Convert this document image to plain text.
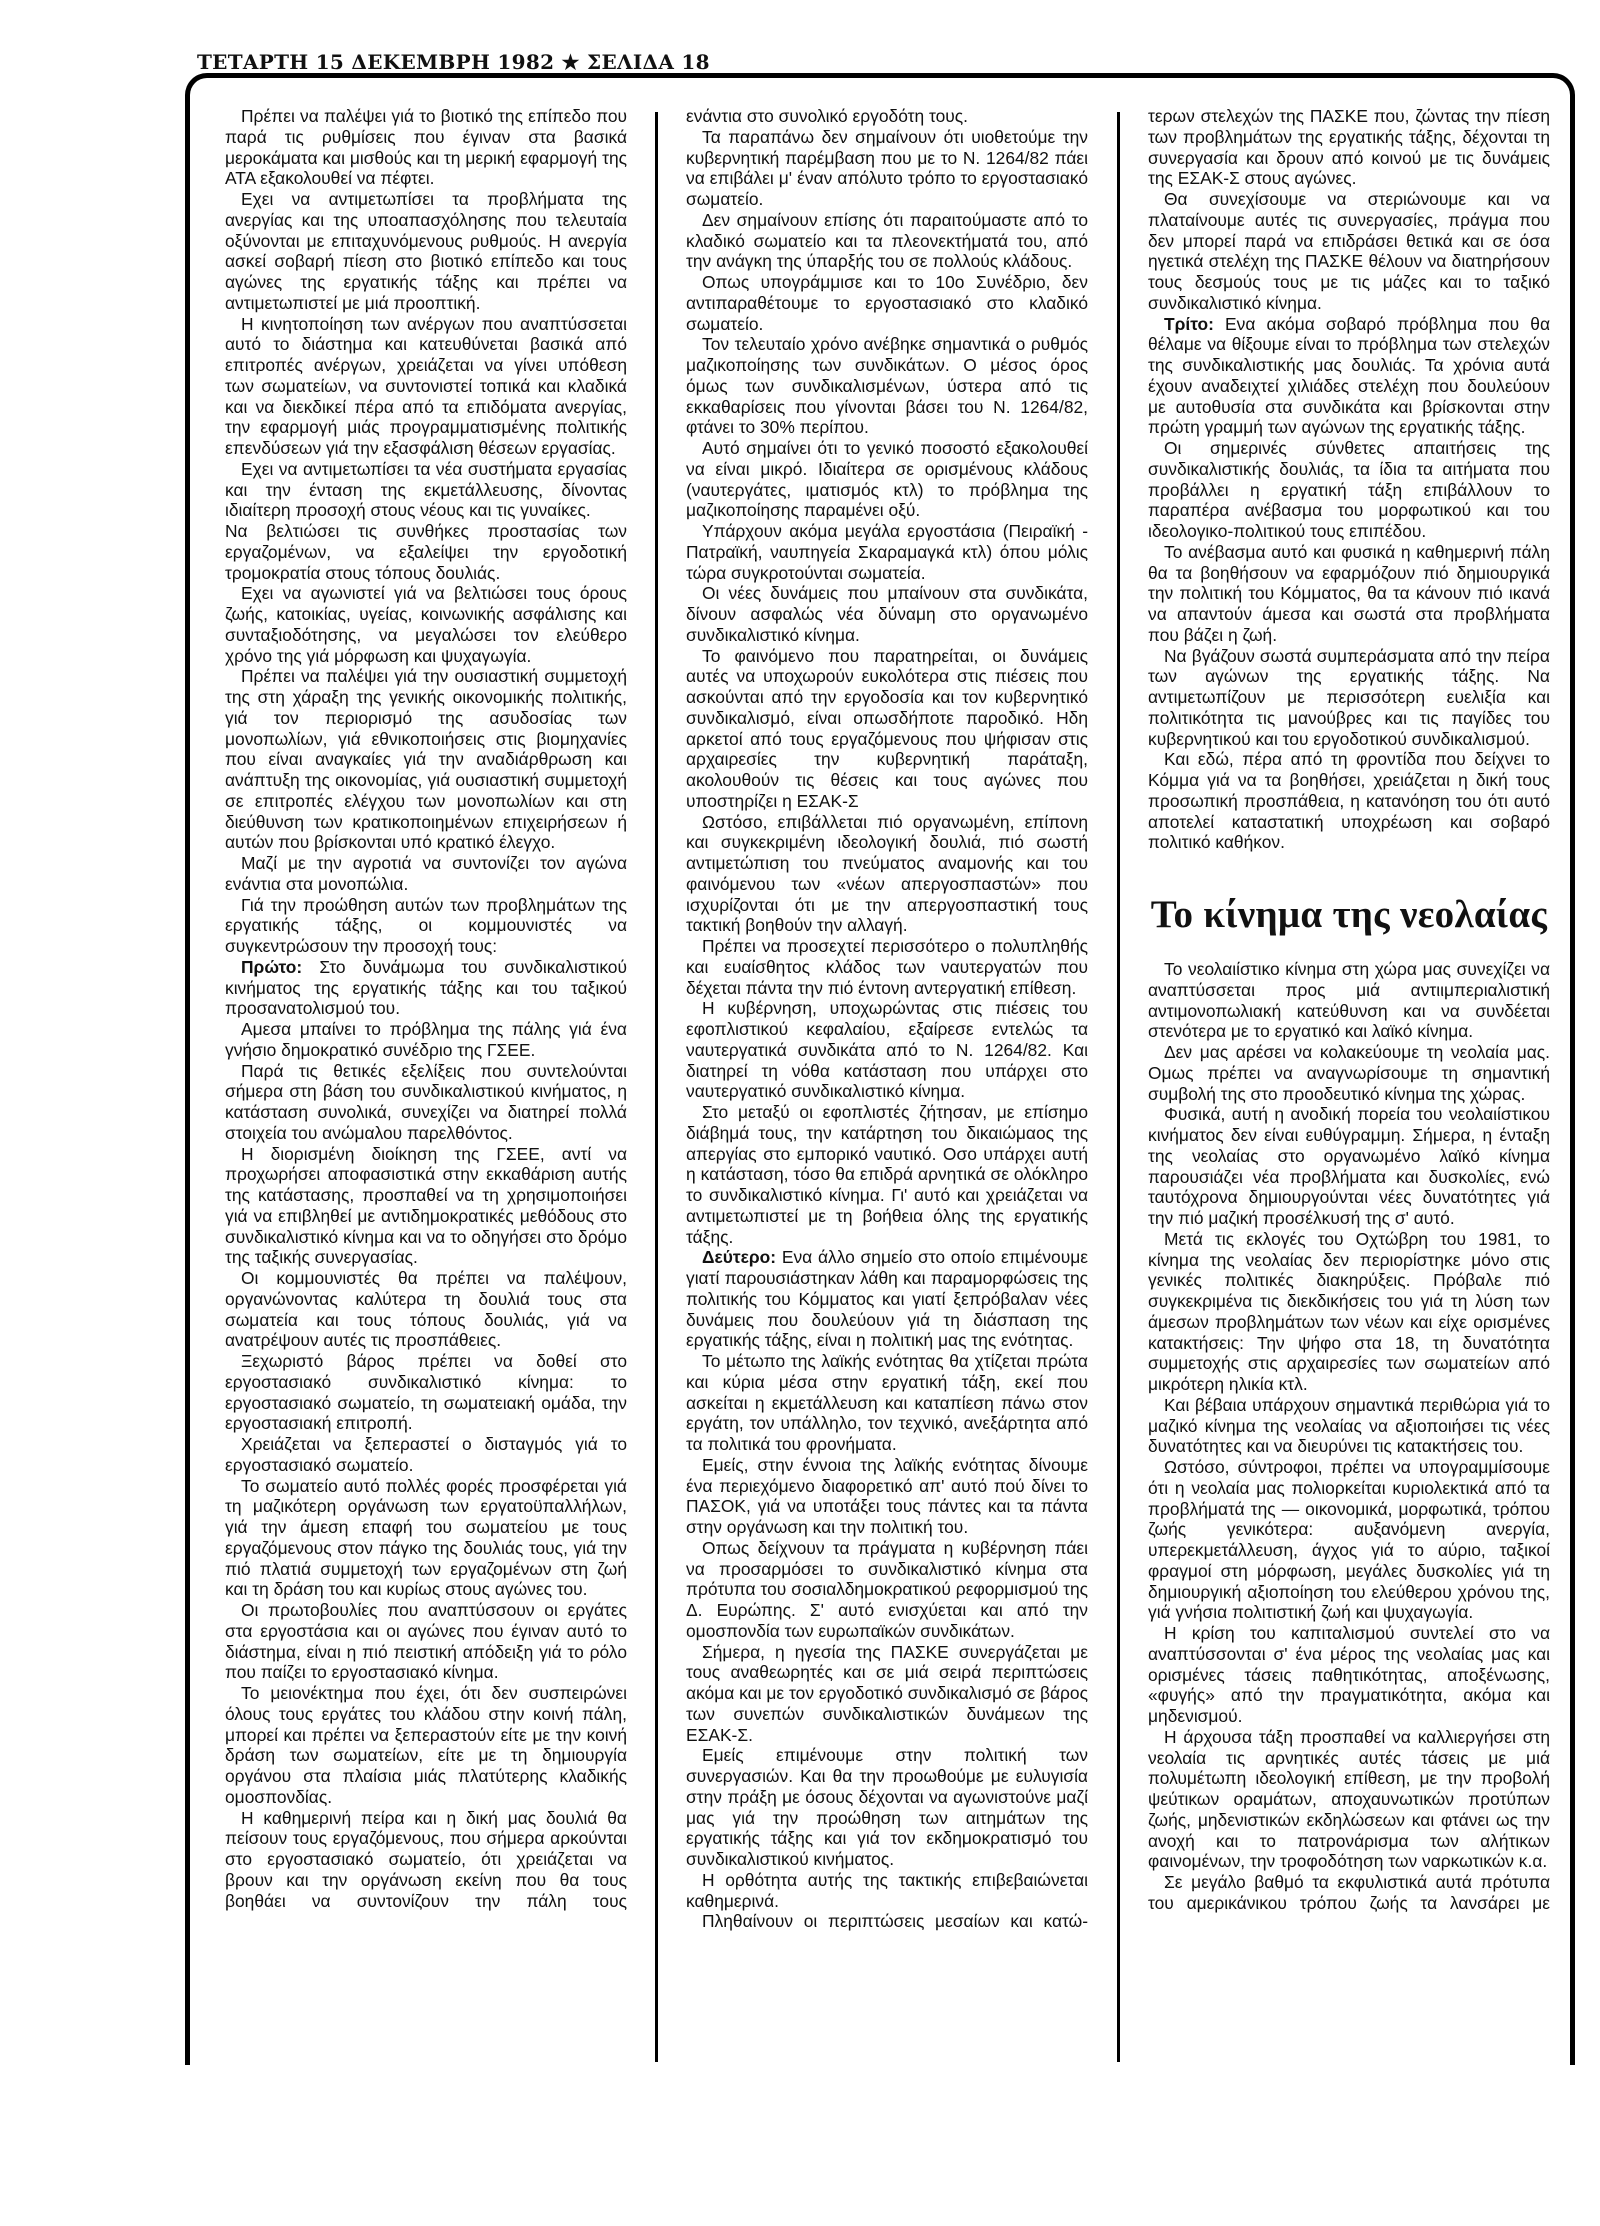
ΤΕΤΑΡΤΗ 15 ΔΕΚΕΜΒΡΗ 1982 ★ ΣΕΛΙΔΑ 18

Πρέπει να παλέψει γιά το βιοτικό της επίπεδο που παρά τις ρυθμίσεις που έγιναν στα βασικά μεροκάματα και μισθούς και τη μερική εφαρμογή της ΑΤΑ εξακολουθεί να πέφτει.

Εχει να αντιμετωπίσει τα προβλήματα της ανεργίας και της υποαπασχόλησης που τελευταία οξύνονται με επιταχυνόμενους ρυθμούς. Η ανεργία ασκεί σοβαρή πίεση στο βιοτικό επίπεδο και τους αγώνες της εργατικής τάξης και πρέπει να αντιμετωπιστεί με μιά προοπτική.

Η κινητοποίηση των ανέργων που αναπτύσσεται αυτό το διάστημα και κατευθύνεται βασικά από επιτροπές ανέργων, χρειάζεται να γίνει υπόθεση των σωματείων, να συντονιστεί τοπικά και κλαδικά και να διεκδικεί πέρα από τα επιδόματα ανεργίας, την εφαρμογή μιάς προγραμματισμένης πολιτικής επενδύσεων γιά την εξασφάλιση θέσεων εργασίας.

Εχει να αντιμετωπίσει τα νέα συστήματα εργασίας και την ένταση της εκμετάλλευσης, δίνοντας ιδιαίτερη προσοχή στους νέους και τις γυναίκες.

Να βελτιώσει τις συνθήκες προστασίας των εργαζομένων, να εξαλείψει την εργοδοτική τρομοκρατία στους τόπους δουλιάς.

Εχει να αγωνιστεί γιά να βελτιώσει τους όρους ζωής, κατοικίας, υγείας, κοινωνικής ασφάλισης και συνταξιοδότησης, να μεγαλώσει τον ελεύθερο χρόνο της γιά μόρφωση και ψυχαγωγία.

Πρέπει να παλέψει γιά την ουσιαστική συμμετοχή της στη χάραξη της γενικής οικονομικής πολιτικής, γιά τον περιορισμό της ασυδοσίας των μονοπωλίων, γιά εθνικοποιήσεις στις βιομηχανίες που είναι αναγκαίες γιά την αναδιάρθρωση και ανάπτυξη της οικονομίας, γιά ουσιαστική συμμετοχή σε επιτροπές ελέγχου των μονοπωλίων και στη διεύθυνση των κρατικοποιημένων επιχειρήσεων ή αυτών που βρίσκονται υπό κρατικό έλεγχο.

Μαζί με την αγροτιά να συντονίζει τον αγώνα ενάντια στα μονοπώλια.

Γιά την προώθηση αυτών των προβλημάτων της εργατικής τάξης, οι κομμουνιστές να συγκεντρώσουν την προσοχή τους:

Πρώτο: Στο δυνάμωμα του συνδικαλιστικού κινήματος της εργατικής τάξης και του ταξικού προσανατολισμού του.

Αμεσα μπαίνει το πρόβλημα της πάλης γιά ένα γνήσιο δημοκρατικό συνέδριο της ΓΣΕΕ.

Παρά τις θετικές εξελίξεις που συντελούνται σήμερα στη βάση του συνδικαλιστικού κινήματος, η κατάσταση συνολικά, συνεχίζει να διατηρεί πολλά στοιχεία του ανώμαλου παρελθόντος.

Η διορισμένη διοίκηση της ΓΣΕΕ, αντί να προχωρήσει αποφασιστικά στην εκκαθάριση αυτής της κατάστασης, προσπαθεί να τη χρησιμοποιήσει γιά να επιβληθεί με αντιδημοκρατικές μεθόδους στο συνδικαλιστικό κίνημα και να το οδηγήσει στο δρόμο της ταξικής συνεργασίας.

Οι κομμουνιστές θα πρέπει να παλέψουν, οργανώνοντας καλύτερα τη δουλιά τους στα σωματεία και τους τόπους δουλιάς, γιά να ανατρέψουν αυτές τις προσπάθειες.

Ξεχωριστό βάρος πρέπει να δοθεί στο εργοστασιακό συνδικαλιστικό κίνημα: το εργοστασιακό σωματείο, τη σωματειακή ομάδα, την εργοστασιακή επιτροπή.

Χρειάζεται να ξεπεραστεί ο δισταγμός γιά το εργοστασιακό σωματείο.

Το σωματείο αυτό πολλές φορές προσφέρεται γιά τη μαζικότερη οργάνωση των εργατοϋπαλλήλων, γιά την άμεση επαφή του σωματείου με τους εργαζόμενους στον πάγκο της δουλιάς τους, γιά την πιό πλατιά συμμετοχή των εργαζομένων στη ζωή και τη δράση του και κυρίως στους αγώνες του.

Οι πρωτοβουλίες που αναπτύσσουν οι εργάτες στα εργοστάσια και οι αγώνες που έγιναν αυτό το διάστημα, είναι η πιό πειστική απόδειξη γιά το ρόλο που παίζει το εργοστασιακό κίνημα.

Το μειονέκτημα που έχει, ότι δεν συσπειρώνει όλους τους εργάτες του κλάδου στην κοινή πάλη, μπορεί και πρέπει να ξεπεραστούν είτε με την κοινή δράση των σωματείων, είτε με τη δημιουργία οργάνου στα πλαίσια μιάς πλατύτερης κλαδικής ομοσπονδίας.

Η καθημερινή πείρα και η δική μας δουλιά θα πείσουν τους εργαζόμενους, που σήμερα αρκούνται στο εργοστασιακό σωματείο, ότι χρειάζεται να βρουν και την οργάνωση εκείνη που θα τους βοηθάει να συντονίζουν την πάλη τους

ενάντια στο συνολικό εργοδότη τους.

Τα παραπάνω δεν σημαίνουν ότι υιοθετούμε την κυβερνητική παρέμβαση που με το Ν. 1264/82 πάει να επιβάλει μ' έναν απόλυτο τρόπο το εργοστασιακό σωματείο.

Δεν σημαίνουν επίσης ότι παραιτούμαστε από το κλαδικό σωματείο και τα πλεονεκτήματά του, από την ανάγκη της ύπαρξής του σε πολλούς κλάδους.

Οπως υπογράμμισε και το 10ο Συνέδριο, δεν αντιπαραθέτουμε το εργοστασιακό στο κλαδικό σωματείο.

Τον τελευταίο χρόνο ανέβηκε σημαντικά ο ρυθμός μαζικοποίησης των συνδικάτων. Ο μέσος όρος όμως των συνδικαλισμένων, ύστερα από τις εκκαθαρίσεις που γίνονται βάσει του Ν. 1264/82, φτάνει το 30% περίπου.

Αυτό σημαίνει ότι το γενικό ποσοστό εξακολουθεί να είναι μικρό. Ιδιαίτερα σε ορισμένους κλάδους (ναυτεργάτες, ιματισμός κτλ) το πρόβλημα της μαζικοποίησης παραμένει οξύ.

Υπάρχουν ακόμα μεγάλα εργοστάσια (Πειραϊκή - Πατραϊκή, ναυπηγεία Σκαραμαγκά κτλ) όπου μόλις τώρα συγκροτούνται σωματεία.

Οι νέες δυνάμεις που μπαίνουν στα συνδικάτα, δίνουν ασφαλώς νέα δύναμη στο οργανωμένο συνδικαλιστικό κίνημα.

Το φαινόμενο που παρατηρείται, οι δυνάμεις αυτές να υποχωρούν ευκολότερα στις πιέσεις που ασκούνται από την εργοδοσία και τον κυβερνητικό συνδικαλισμό, είναι οπωσδήποτε παροδικό. Ηδη αρκετοί από τους εργαζόμενους που ψήφισαν στις αρχαιρεσίες την κυβερνητική παράταξη, ακολουθούν τις θέσεις και τους αγώνες που υποστηρίζει η ΕΣΑΚ-Σ

Ωστόσο, επιβάλλεται πιό οργανωμένη, επίπονη και συγκεκριμένη ιδεολογική δουλιά, πιό σωστή αντιμετώπιση του πνεύματος αναμονής και του φαινόμενου των «νέων απεργοσπαστών» που ισχυρίζονται ότι με την απεργοσπαστική τους τακτική βοηθούν την αλλαγή.

Πρέπει να προσεχτεί περισσότερο ο πολυπληθής και ευαίσθητος κλάδος των ναυτεργατών που δέχεται πάντα την πιό έντονη αντεργατική επίθεση.

Η κυβέρνηση, υποχωρώντας στις πιέσεις του εφοπλιστικού κεφαλαίου, εξαίρεσε εντελώς τα ναυτεργατικά συνδικάτα από το Ν. 1264/82. Και διατηρεί τη νόθα κατάσταση που υπάρχει στο ναυτεργατικό συνδικαλιστικό κίνημα.

Στο μεταξύ οι εφοπλιστές ζήτησαν, με επίσημο διάβημά τους, την κατάρτηση του δικαιώμαος της απεργίας στο εμπορικό ναυτικό. Οσο υπάρχει αυτή η κατάσταση, τόσο θα επιδρά αρνητικά σε ολόκληρο το συνδικαλιστικό κίνημα. Γι' αυτό και χρειάζεται να αντιμετωπιστεί με τη βοήθεια όλης της εργατικής τάξης.

Δεύτερο: Ενα άλλο σημείο στο οποίο επιμένουμε γιατί παρουσιάστηκαν λάθη και παραμορφώσεις της πολιτικής του Κόμματος και γιατί ξεπρόβαλαν νέες δυνάμεις που δουλεύουν γιά τη διάσπαση της εργατικής τάξης, είναι η πολιτική μας της ενότητας.

Το μέτωπο της λαϊκής ενότητας θα χτίζεται πρώτα και κύρια μέσα στην εργατική τάξη, εκεί που ασκείται η εκμετάλλευση και καταπίεση πάνω στον εργάτη, τον υπάλληλο, τον τεχνικό, ανεξάρτητα από τα πολιτικά του φρονήματα.

Εμείς, στην έννοια της λαϊκής ενότητας δίνουμε ένα περιεχόμενο διαφορετικό απ' αυτό πού δίνει το ΠΑΣΟΚ, γιά να υποτάξει τους πάντες και τα πάντα στην οργάνωση και την πολιτική του.

Οπως δείχνουν τα πράγματα η κυβέρνηση πάει να προσαρμόσει το συνδικαλιστικό κίνημα στα πρότυπα του σοσιαλδημοκρατικού ρεφορμισμού της Δ. Ευρώπης. Σ' αυτό ενισχύεται και από την ομοσπονδία των ευρωπαϊκών συνδικάτων.

Σήμερα, η ηγεσία της ΠΑΣΚΕ συνεργάζεται με τους αναθεωρητές και σε μιά σειρά περιπτώσεις ακόμα και με τον εργοδοτικό συνδικαλισμό σε βάρος των συνεπών συνδικαλιστικών δυνάμεων της ΕΣΑΚ-Σ.

Εμείς επιμένουμε στην πολιτική των συνεργασιών. Και θα την προωθούμε με ευλυγισία στην πράξη με όσους δέχονται να αγωνιστούνε μαζί μας γιά την προώθηση των αιτημάτων της εργατικής τάξης και γιά τον εκδημοκρατισμό του συνδικαλιστικού κινήματος.

Η ορθότητα αυτής της τακτικής επιβεβαιώνεται καθημερινά.

Πληθαίνουν οι περιπτώσεις μεσαίων και κατώ-

τερων στελεχών της ΠΑΣΚΕ που, ζώντας την πίεση των προβλημάτων της εργατικής τάξης, δέχονται τη συνεργασία και δρουν από κοινού με τις δυνάμεις της ΕΣΑΚ-Σ στους αγώνες.

Θα συνεχίσουμε να στεριώνουμε και να πλαταίνουμε αυτές τις συνεργασίες, πράγμα που δεν μπορεί παρά να επιδράσει θετικά και σε όσα ηγετικά στελέχη της ΠΑΣΚΕ θέλουν να διατηρήσουν τους δεσμούς τους με τις μάζες και το ταξικό συνδικαλιστικό κίνημα.

Τρίτο: Ενα ακόμα σοβαρό πρόβλημα που θα θέλαμε να θίξουμε είναι το πρόβλημα των στελεχών της συνδικαλιστικής μας δουλιάς. Τα χρόνια αυτά έχουν αναδειχτεί χιλιάδες στελέχη που δουλεύουν με αυτοθυσία στα συνδικάτα και βρίσκονται στην πρώτη γραμμή των αγώνων της εργατικής τάξης.

Οι σημερινές σύνθετες απαιτήσεις της συνδικαλιστικής δουλιάς, τα ίδια τα αιτήματα που προβάλλει η εργατική τάξη επιβάλλουν το παραπέρα ανέβασμα του μορφωτικού και του ιδεολογικο-πολιτικού τους επιπέδου.

Το ανέβασμα αυτό και φυσικά η καθημερινή πάλη θα τα βοηθήσουν να εφαρμόζουν πιό δημιουργικά την πολιτική του Κόμματος, θα τα κάνουν πιό ικανά να απαντούν άμεσα και σωστά στα προβλήματα που βάζει η ζωή.

Να βγάζουν σωστά συμπεράσματα από την πείρα των αγώνων της εργατικής τάξης. Να αντιμετωπίζουν με περισσότερη ευελιξία και πολιτικότητα τις μανούβρες και τις παγίδες του κυβερνητικού και του εργοδοτικού συνδικαλισμού.

Και εδώ, πέρα από τη φροντίδα που δείχνει το Κόμμα γιά να τα βοηθήσει, χρειάζεται η δική τους προσωπική προσπάθεια, η κατανόηση του ότι αυτό αποτελεί καταστατική υποχρέωση και σοβαρό πολιτικό καθήκον.

Το κίνημα της νεολαίας

Το νεολαιίστικο κίνημα στη χώρα μας συνεχίζει να αναπτύσσεται προς μιά αντιιμπεριαλιστική αντιμονοπωλιακή κατεύθυνση και να συνδέεται στενότερα με το εργατικό και λαϊκό κίνημα.

Δεν μας αρέσει να κολακεύουμε τη νεολαία μας. Ομως πρέπει να αναγνωρίσουμε τη σημαντική συμβολή της στο προοδευτικό κίνημα της χώρας.

Φυσικά, αυτή η ανοδική πορεία του νεολαιίστικου κινήματος δεν είναι ευθύγραμμη. Σήμερα, η ένταξη της νεολαίας στο οργανωμένο λαϊκό κίνημα παρουσιάζει νέα προβλήματα και δυσκολίες, ενώ ταυτόχρονα δημιουργούνται νέες δυνατότητες γιά την πιό μαζική προσέλκυσή της σ' αυτό.

Μετά τις εκλογές του Οχτώβρη του 1981, το κίνημα της νεολαίας δεν περιορίστηκε μόνο στις γενικές πολιτικές διακηρύξεις. Πρόβαλε πιό συγκεκριμένα τις διεκδικήσεις του γιά τη λύση των άμεσων προβλημάτων των νέων και είχε ορισμένες κατακτήσεις: Την ψήφο στα 18, τη δυνατότητα συμμετοχής στις αρχαιρεσίες των σωματείων από μικρότερη ηλικία κτλ.

Και βέβαια υπάρχουν σημαντικά περιθώρια γιά το μαζικό κίνημα της νεολαίας να αξιοποιήσει τις νέες δυνατότητες και να διευρύνει τις κατακτήσεις του.

Ωστόσο, σύντροφοι, πρέπει να υπογραμμίσουμε ότι η νεολαία μας πολιορκείται κυριολεκτικά από τα προβλήματά της — οικονομικά, μορφωτικά, τρόπου ζωής γενικότερα: αυξανόμενη ανεργία, υπερεκμετάλλευση, άγχος γιά το αύριο, ταξικοί φραγμοί στη μόρφωση, μεγάλες δυσκολίες γιά τη δημιουργική αξιοποίηση του ελεύθερου χρόνου της, γιά γνήσια πολιτιστική ζωή και ψυχαγωγία.

Η κρίση του καπιταλισμού συντελεί στο να αναπτύσσονται σ' ένα μέρος της νεολαίας μας και ορισμένες τάσεις παθητικότητας, αποξένωσης, «φυγής» από την πραγματικότητα, ακόμα και μηδενισμού.

Η άρχουσα τάξη προσπαθεί να καλλιεργήσει στη νεολαία τις αρνητικές αυτές τάσεις με μιά πολυμέτωπη ιδεολογική επίθεση, με την προβολή ψεύτικων οραμάτων, αποχαυνωτικών προτύπων ζωής, μηδενιστικών εκδηλώσεων και φτάνει ως την ανοχή και το πατρονάρισμα των αλήτικων φαινομένων, την τροφοδότηση των ναρκωτικών κ.α.

Σε μεγάλο βαθμό τα εκφυλιστικά αυτά πρότυπα του αμερικάνικου τρόπου ζωής τα λανσάρει με
